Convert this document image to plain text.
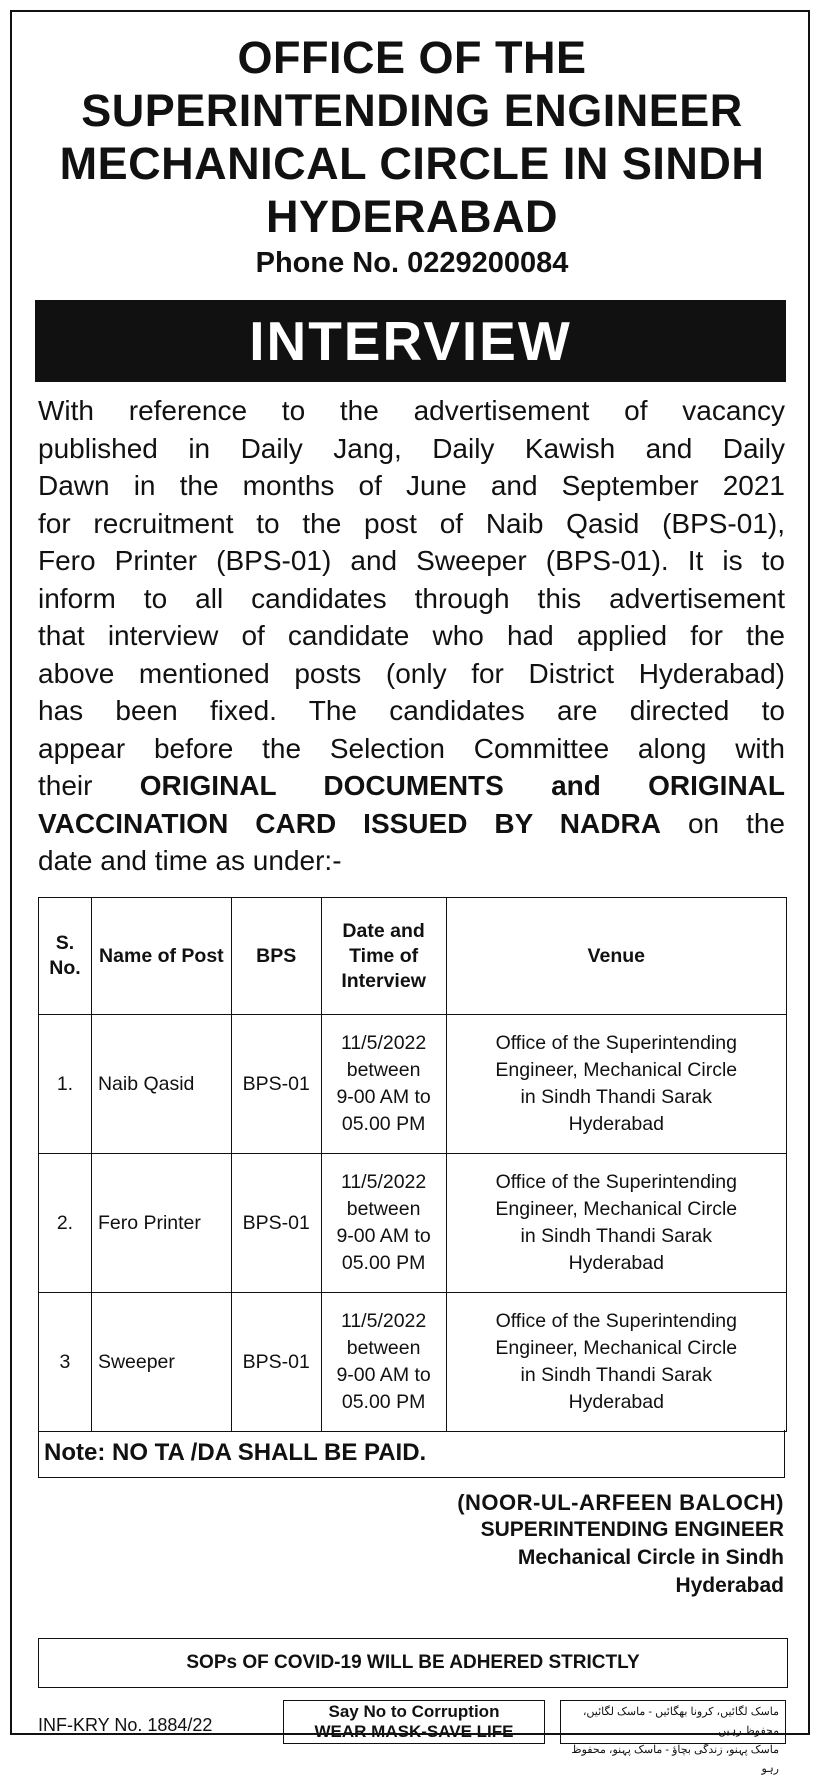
OFFICE OF THE
SUPERINTENDING ENGINEER
MECHANICAL CIRCLE IN SINDH
HYDERABAD
Phone No. 0229200084
INTERVIEW
With reference to the advertisement of vacancy
published in Daily Jang, Daily Kawish and Daily
Dawn in the months of June and September 2021
for recruitment to the post of Naib Qasid (BPS-01),
Fero Printer (BPS-01) and Sweeper (BPS-01). It is to
inform to all candidates through this advertisement
that interview of candidate who had applied for the
above mentioned posts (only for District Hyderabad)
has been fixed. The candidates are directed to
appear before the Selection Committee along with
their ORIGINAL DOCUMENTS and ORIGINAL
VACCINATION CARD ISSUED BY NADRA on the
date and time as under:-
S. No.	Name of Post	BPS	Date and Time of Interview	Venue
1.	Naib Qasid	BPS-01	11/5/2022
between
9-00 AM to
05.00 PM	Office of the Superintending
Engineer, Mechanical Circle
in Sindh Thandi Sarak
Hyderabad
2.	Fero Printer	BPS-01	11/5/2022
between
9-00 AM to
05.00 PM	Office of the Superintending
Engineer, Mechanical Circle
in Sindh Thandi Sarak
Hyderabad
3	Sweeper	BPS-01	11/5/2022
between
9-00 AM to
05.00 PM	Office of the Superintending
Engineer, Mechanical Circle
in Sindh Thandi Sarak
Hyderabad
Note: NO TA /DA SHALL BE PAID.
(NOOR-UL-ARFEEN BALOCH)
SUPERINTENDING ENGINEER
Mechanical Circle in Sindh
Hyderabad
SOPs OF COVID-19 WILL BE ADHERED STRICTLY
INF-KRY No. 1884/22
Say No to Corruption
WEAR MASK-SAVE LIFE
ماسک لگائیں، کرونا بھگائیں - ماسک لگائیں، محفوظ رہیں
ماسک پہنو، زندگی بچاؤ - ماسک پہنو، محفوظ رہو
